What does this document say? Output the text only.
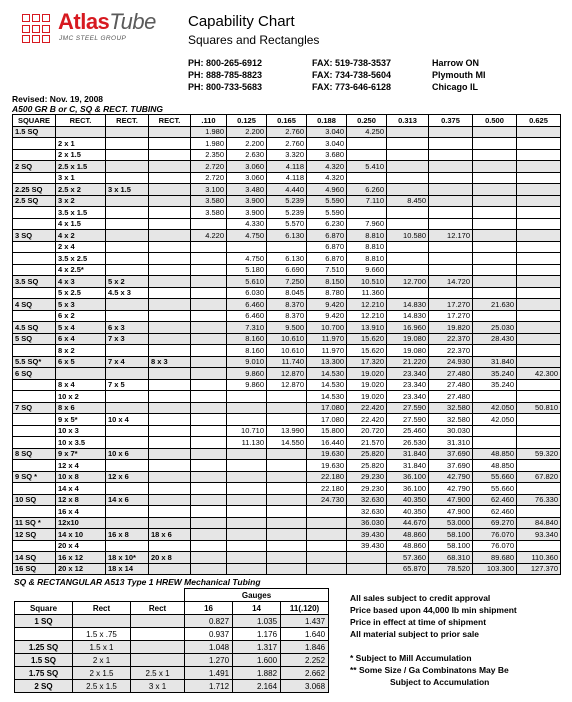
AtlasTube
JMC STEEL GROUP
Capability Chart
Squares and Rectangles
PH: 800-265-6912
PH: 888-785-8823
PH: 800-733-5683
FAX: 519-738-3537
FAX: 734-738-5604
FAX: 773-646-6128
Harrow ON
Plymouth MI
Chicago IL
Revised: Nov. 19, 2008
A500 GR B or C, SQ & RECT. TUBING
SQUARE	RECT.	RECT.	RECT.	.110	0.125	0.165	0.188	0.250	0.313	0.375	0.500	0.625
1.5 SQ				1.980	2.200	2.760	3.040	4.250				
	2 x 1			1.980	2.200	2.760	3.040					
	2 x 1.5			2.350	2.630	3.320	3.680					
2 SQ	2.5 x 1.5			2.720	3.060	4.118	4.320	5.410				
	3 x 1			2.720	3.060	4.118	4.320					
2.25 SQ	2.5 x 2	3 x 1.5		3.100	3.480	4.440	4.960	6.260				
2.5 SQ	3 x 2			3.580	3.900	5.239	5.590	7.110	8.450			
	3.5 x 1.5			3.580	3.900	5.239	5.590					
	4 x 1.5				4.330	5.570	6.230	7.960				
3 SQ	4 x 2			4.220	4.750	6.130	6.870	8.810	10.580	12.170		
	2 x 4						6.870	8.810				
	3.5 x 2.5				4.750	6.130	6.870	8.810				
	4 x 2.5*				5.180	6.690	7.510	9.660				
3.5 SQ	4 x 3	5 x 2			5.610	7.250	8.150	10.510	12.700	14.720		
	5 x 2.5	4.5 x 3			6.030	8.045	8.780	11.360				
4 SQ	5 x 3				6.460	8.370	9.420	12.210	14.830	17.270	21.630	
	6 x 2				6.460	8.370	9.420	12.210	14.830	17.270		
4.5 SQ	5 x 4	6 x 3			7.310	9.500	10.700	13.910	16.960	19.820	25.030	
5 SQ	6 x 4	7 x 3			8.160	10.610	11.970	15.620	19.080	22.370	28.430	
	8 x 2				8.160	10.610	11.970	15.620	19.080	22.370		
5.5 SQ*	6 x 5	7 x 4	8 x 3		9.010	11.740	13.300	17.320	21.220	24.930	31.840	
6 SQ					9.860	12.870	14.530	19.020	23.340	27.480	35.240	42.300
	8 x 4	7 x 5			9.860	12.870	14.530	19.020	23.340	27.480	35.240	
	10 x 2						14.530	19.020	23.340	27.480		
7 SQ	8 x 6						17.080	22.420	27.590	32.580	42.050	50.810
	9 x 5*	10 x 4					17.080	22.420	27.590	32.580	42.050	
	10 x 3				10.710	13.990	15.800	20.720	25.460	30.030		
	10 x 3.5				11.130	14.550	16.440	21.570	26.530	31.310		
8 SQ	9 x 7*	10 x 6					19.630	25.820	31.840	37.690	48.850	59.320
	12 x 4						19.630	25.820	31.840	37.690	48.850	
9 SQ *	10 x 8	12 x 6					22.180	29.230	36.100	42.790	55.660	67.820
	14 x 4						22.180	29.230	36.100	42.790	55.660	
10 SQ	12 x 8	14 x 6					24.730	32.630	40.350	47.900	62.460	76.330
	16 x 4							32.630	40.350	47.900	62.460	
11 SQ *	12x10							36.030	44.670	53.000	69.270	84.840
12 SQ	14 x 10	16 x 8	18 x 6					39.430	48.860	58.100	76.070	93.340
	20 x 4							39.430	48.860	58.100	76.070	
14 SQ	16 x 12	18 x 10*	20 x 8						57.360	68.310	89.680	110.360
16 SQ	20 x 12	18 x 14							65.870	78.520	103.300	127.370
SQ & RECTANGULAR A513 Type 1 HREW Mechanical Tubing
			Gauges		
Square	Rect	Rect	16	14	11(.120)
1 SQ			0.827	1.035	1.437
	1.5 x .75		0.937	1.176	1.640
1.25 SQ	1.5 x 1		1.048	1.317	1.846
1.5 SQ	2 x 1		1.270	1.600	2.252
1.75 SQ	2 x 1.5	2.5 x 1	1.491	1.882	2.662
2 SQ	2.5 x 1.5	3 x 1	1.712	2.164	3.068
All sales subject to credit approval
Price based upon 44,000 lb min shipment
Price in effect at time of shipment
All material subject to prior sale
* Subject to Mill Accumulation
** Some Size / Ga Combinatons May Be
Subject to Accumulation
